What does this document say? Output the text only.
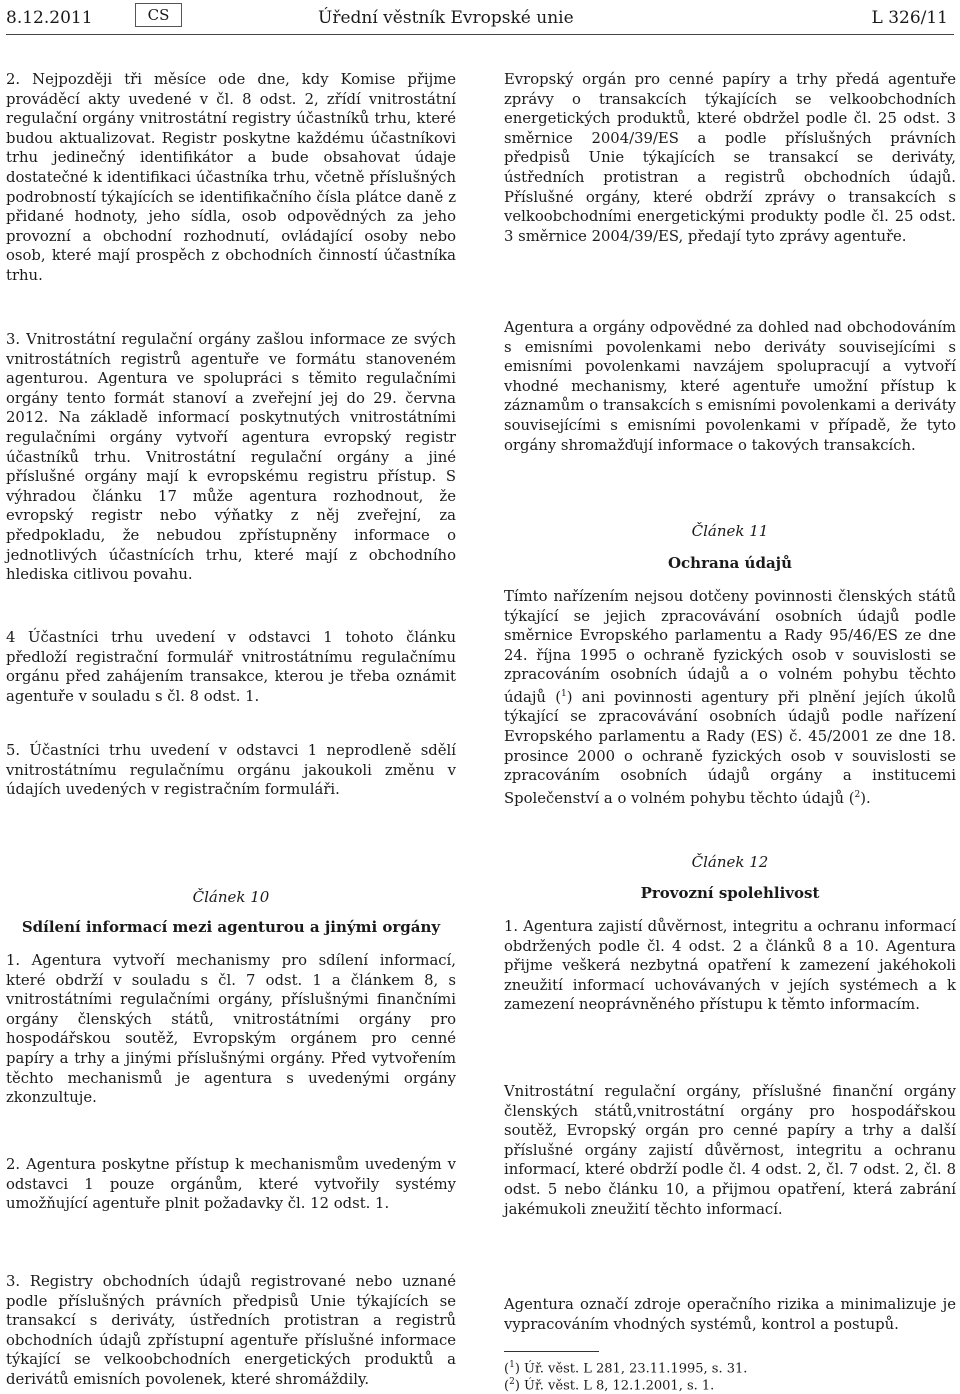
8.12.2011	CS	Úřední věstník Evropské unie	L 326/11

2. Nejpozději tři měsíce ode dne, kdy Komise přijme prováděcí akty uvedené v čl. 8 odst. 2, zřídí vnitrostátní regulační orgány vnitrostátní registry účastníků trhu, které budou aktualizovat. Registr poskytne každému účastníkovi trhu jedinečný identifikátor a bude obsahovat údaje dostatečné k identifikaci účastníka trhu, včetně příslušných podrobností týkajících se identifikačního čísla plátce daně z přidané hodnoty, jeho sídla, osob odpovědných za jeho provozní a obchodní rozhodnutí, ovládající osoby nebo osob, které mají prospěch z obchodních činností účastníka trhu.

3. Vnitrostátní regulační orgány zašlou informace ze svých vnitrostátních registrů agentuře ve formátu stanoveném agenturou. Agentura ve spolupráci s těmito regulačními orgány tento formát stanoví a zveřejní jej do 29. června 2012. Na základě informací poskytnutých vnitrostátními regulačními orgány vytvoří agentura evropský registr účastníků trhu. Vnitrostátní regulační orgány a jiné příslušné orgány mají k evropskému registru přístup. S výhradou článku 17 může agentura rozhodnout, že evropský registr nebo výňatky z něj zveřejní, za předpokladu, že nebudou zpřístupněny informace o jednotlivých účastnících trhu, které mají z obchodního hlediska citlivou povahu.

4 Účastníci trhu uvedení v odstavci 1 tohoto článku předloží registrační formulář vnitrostátnímu regulačnímu orgánu před zahájením transakce, kterou je třeba oznámit agentuře v souladu s čl. 8 odst. 1.

5. Účastníci trhu uvedení v odstavci 1 neprodleně sdělí vnitrostátnímu regulačnímu orgánu jakoukoli změnu v údajích uvedených v registračním formuláři.

Článek 10

Sdílení informací mezi agenturou a jinými orgány

1. Agentura vytvoří mechanismy pro sdílení informací, které obdrží v souladu s čl. 7 odst. 1 a článkem 8, s vnitrostátními regulačními orgány, příslušnými finančními orgány členských států, vnitrostátními orgány pro hospodářskou soutěž, Evropským orgánem pro cenné papíry a trhy a jinými příslušnými orgány. Před vytvořením těchto mechanismů je agentura s uvedenými orgány zkonzultuje.

2. Agentura poskytne přístup k mechanismům uvedeným v odstavci 1 pouze orgánům, které vytvořily systémy umožňující agentuře plnit požadavky čl. 12 odst. 1.

3. Registry obchodních údajů registrované nebo uznané podle příslušných právních předpisů Unie týkajících se transakcí s deriváty, ústředních protistran a registrů obchodních údajů zpřístupní agentuře příslušné informace týkající se velkoobchodních energetických produktů a derivátů emisních povolenek, které shromáždily.

Evropský orgán pro cenné papíry a trhy předá agentuře zprávy o transakcích týkajících se velkoobchodních energetických produktů, které obdržel podle čl. 25 odst. 3 směrnice 2004/39/ES a podle příslušných právních předpisů Unie týkajících se transakcí se deriváty, ústředních protistran a registrů obchodních údajů. Příslušné orgány, které obdrží zprávy o transakcích s velkoobchodními energetickými produkty podle čl. 25 odst. 3 směrnice 2004/39/ES, předají tyto zprávy agentuře.

Agentura a orgány odpovědné za dohled nad obchodováním s emisními povolenkami nebo deriváty souvisejícími s emisními povolenkami navzájem spolupracují a vytvoří vhodné mechanismy, které agentuře umožní přístup k záznamům o transakcích s emisními povolenkami a deriváty souvisejícími s emisními povolenkami v případě, že tyto orgány shromažďují informace o takových transakcích.

Článek 11

Ochrana údajů

Tímto nařízením nejsou dotčeny povinnosti členských států týkající se jejich zpracovávání osobních údajů podle směrnice Evropského parlamentu a Rady 95/46/ES ze dne 24. října 1995 o ochraně fyzických osob v souvislosti se zpracováním osobních údajů a o volném pohybu těchto údajů ($^1$) ani povinnosti agentury při plnění jejích úkolů týkající se zpracovávání osobních údajů podle nařízení Evropského parlamentu a Rady (ES) č. 45/2001 ze dne 18. prosince 2000 o ochraně fyzických osob v souvislosti se zpracováním osobních údajů orgány a institucemi Společenství a o volném pohybu těchto údajů ($^2$).

Článek 12

Provozní spolehlivost

1. Agentura zajistí důvěrnost, integritu a ochranu informací obdržených podle čl. 4 odst. 2 a článků 8 a 10. Agentura přijme veškerá nezbytná opatření k zamezení jakéhokoli zneužití informací uchovávaných v jejích systémech a k zamezení neoprávněného přístupu k těmto informacím.

Vnitrostátní regulační orgány, příslušné finanční orgány členských států,vnitrostátní orgány pro hospodářskou soutěž, Evropský orgán pro cenné papíry a trhy a další příslušné orgány zajistí důvěrnost, integritu a ochranu informací, které obdrží podle čl. 4 odst. 2, čl. 7 odst. 2, čl. 8 odst. 5 nebo článku 10, a přijmou opatření, která zabrání jakémukoli zneužití těchto informací.

Agentura označí zdroje operačního rizika a minimalizuje je vypracováním vhodných systémů, kontrol a postupů.

($^1$) Úř. věst. L 281, 23.11.1995, s. 31.

($^2$) Úř. věst. L 8, 12.1.2001, s. 1.
